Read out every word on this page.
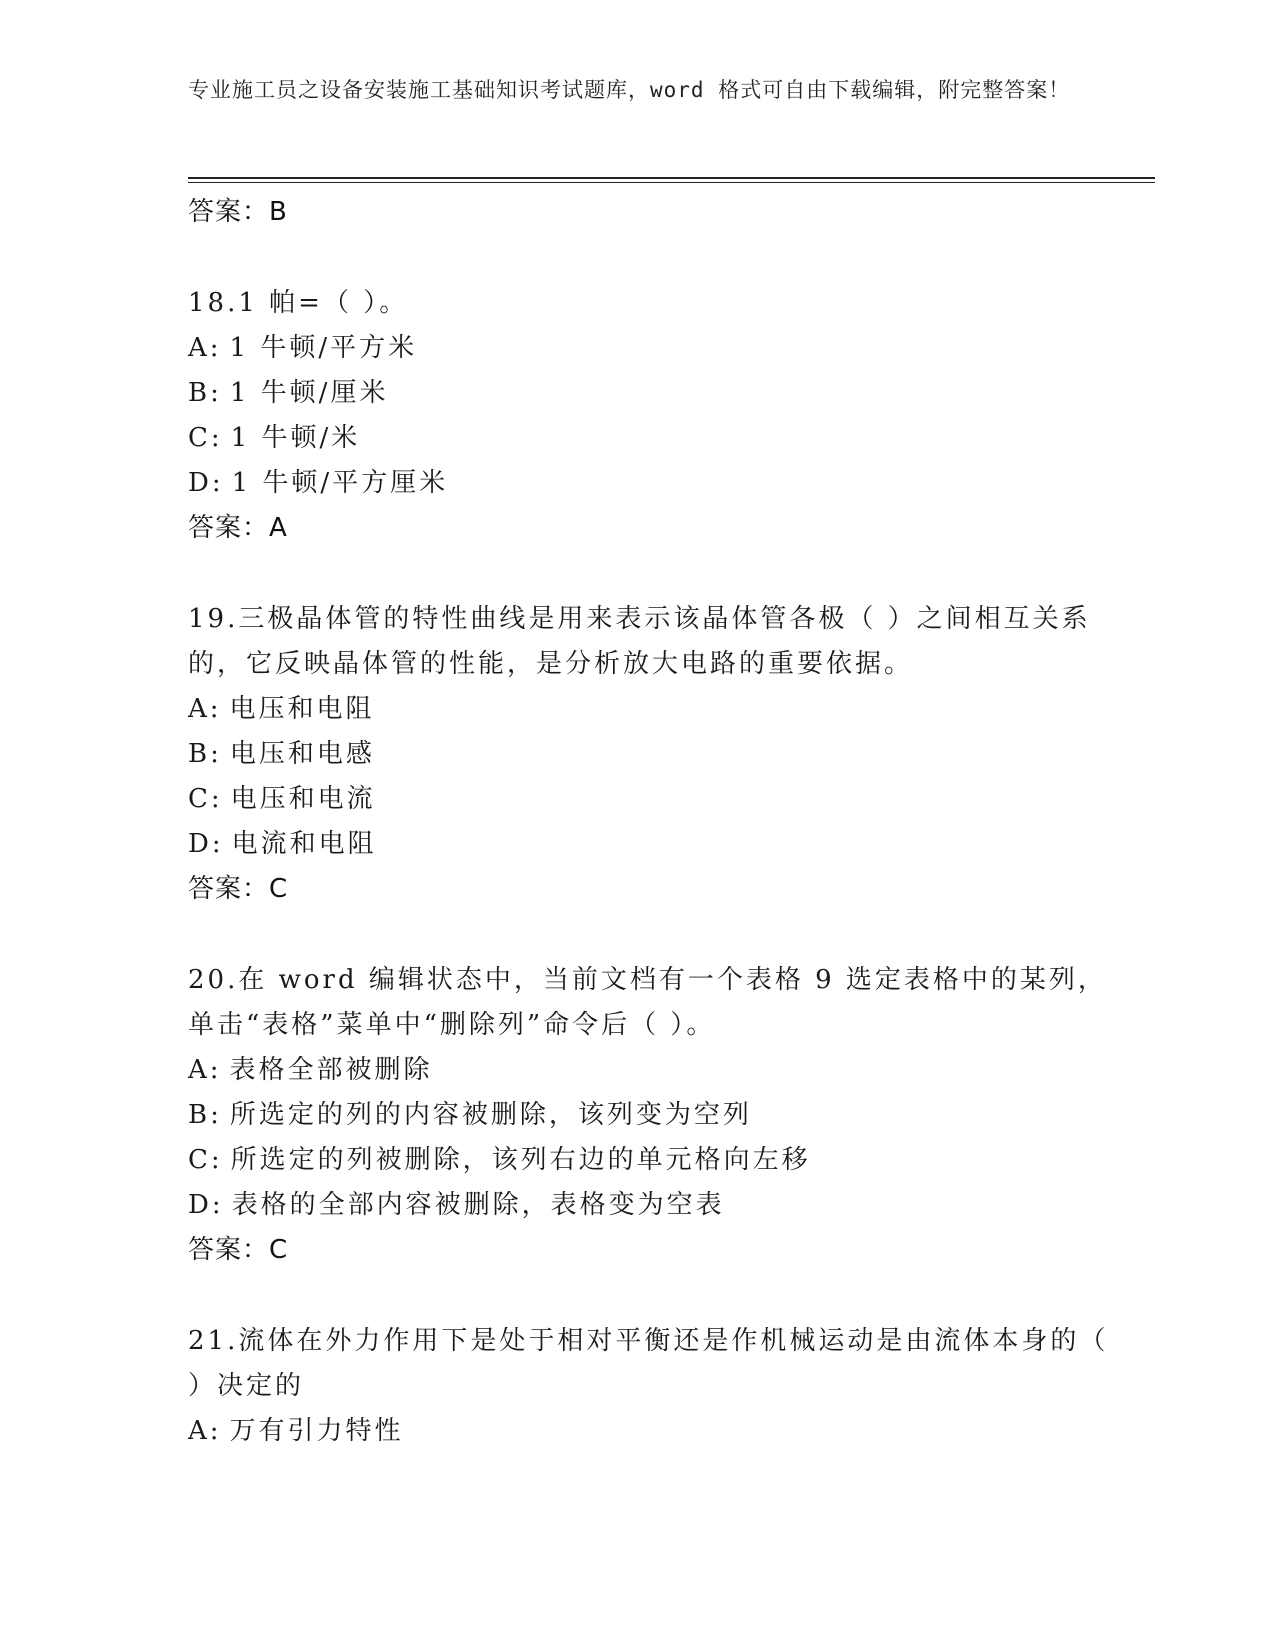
专业施工员之设备安装施工基础知识考试题库，word 格式可自由下载编辑，附完整答案！
答案：B
18.1 帕=（ ）。
A: 1 牛顿/平方米
B: 1 牛顿/厘米
C: 1 牛顿/米
D: 1 牛顿/平方厘米
答案：A
19.三极晶体管的特性曲线是用来表示该晶体管各极（ ）之间相互关系的，它反映晶体管的性能，是分析放大电路的重要依据。
A: 电压和电阻
B: 电压和电感
C: 电压和电流
D: 电流和电阻
答案：C
20.在 word 编辑状态中，当前文档有一个表格 9 选定表格中的某列，单击“表格”菜单中“删除列”命令后（ ）。
A: 表格全部被删除
B: 所选定的列的内容被删除，该列变为空列
C: 所选定的列被删除，该列右边的单元格向左移
D: 表格的全部内容被删除，表格变为空表
答案：C
21.流体在外力作用下是处于相对平衡还是作机械运动是由流体本身的（ ）决定的
A: 万有引力特性
